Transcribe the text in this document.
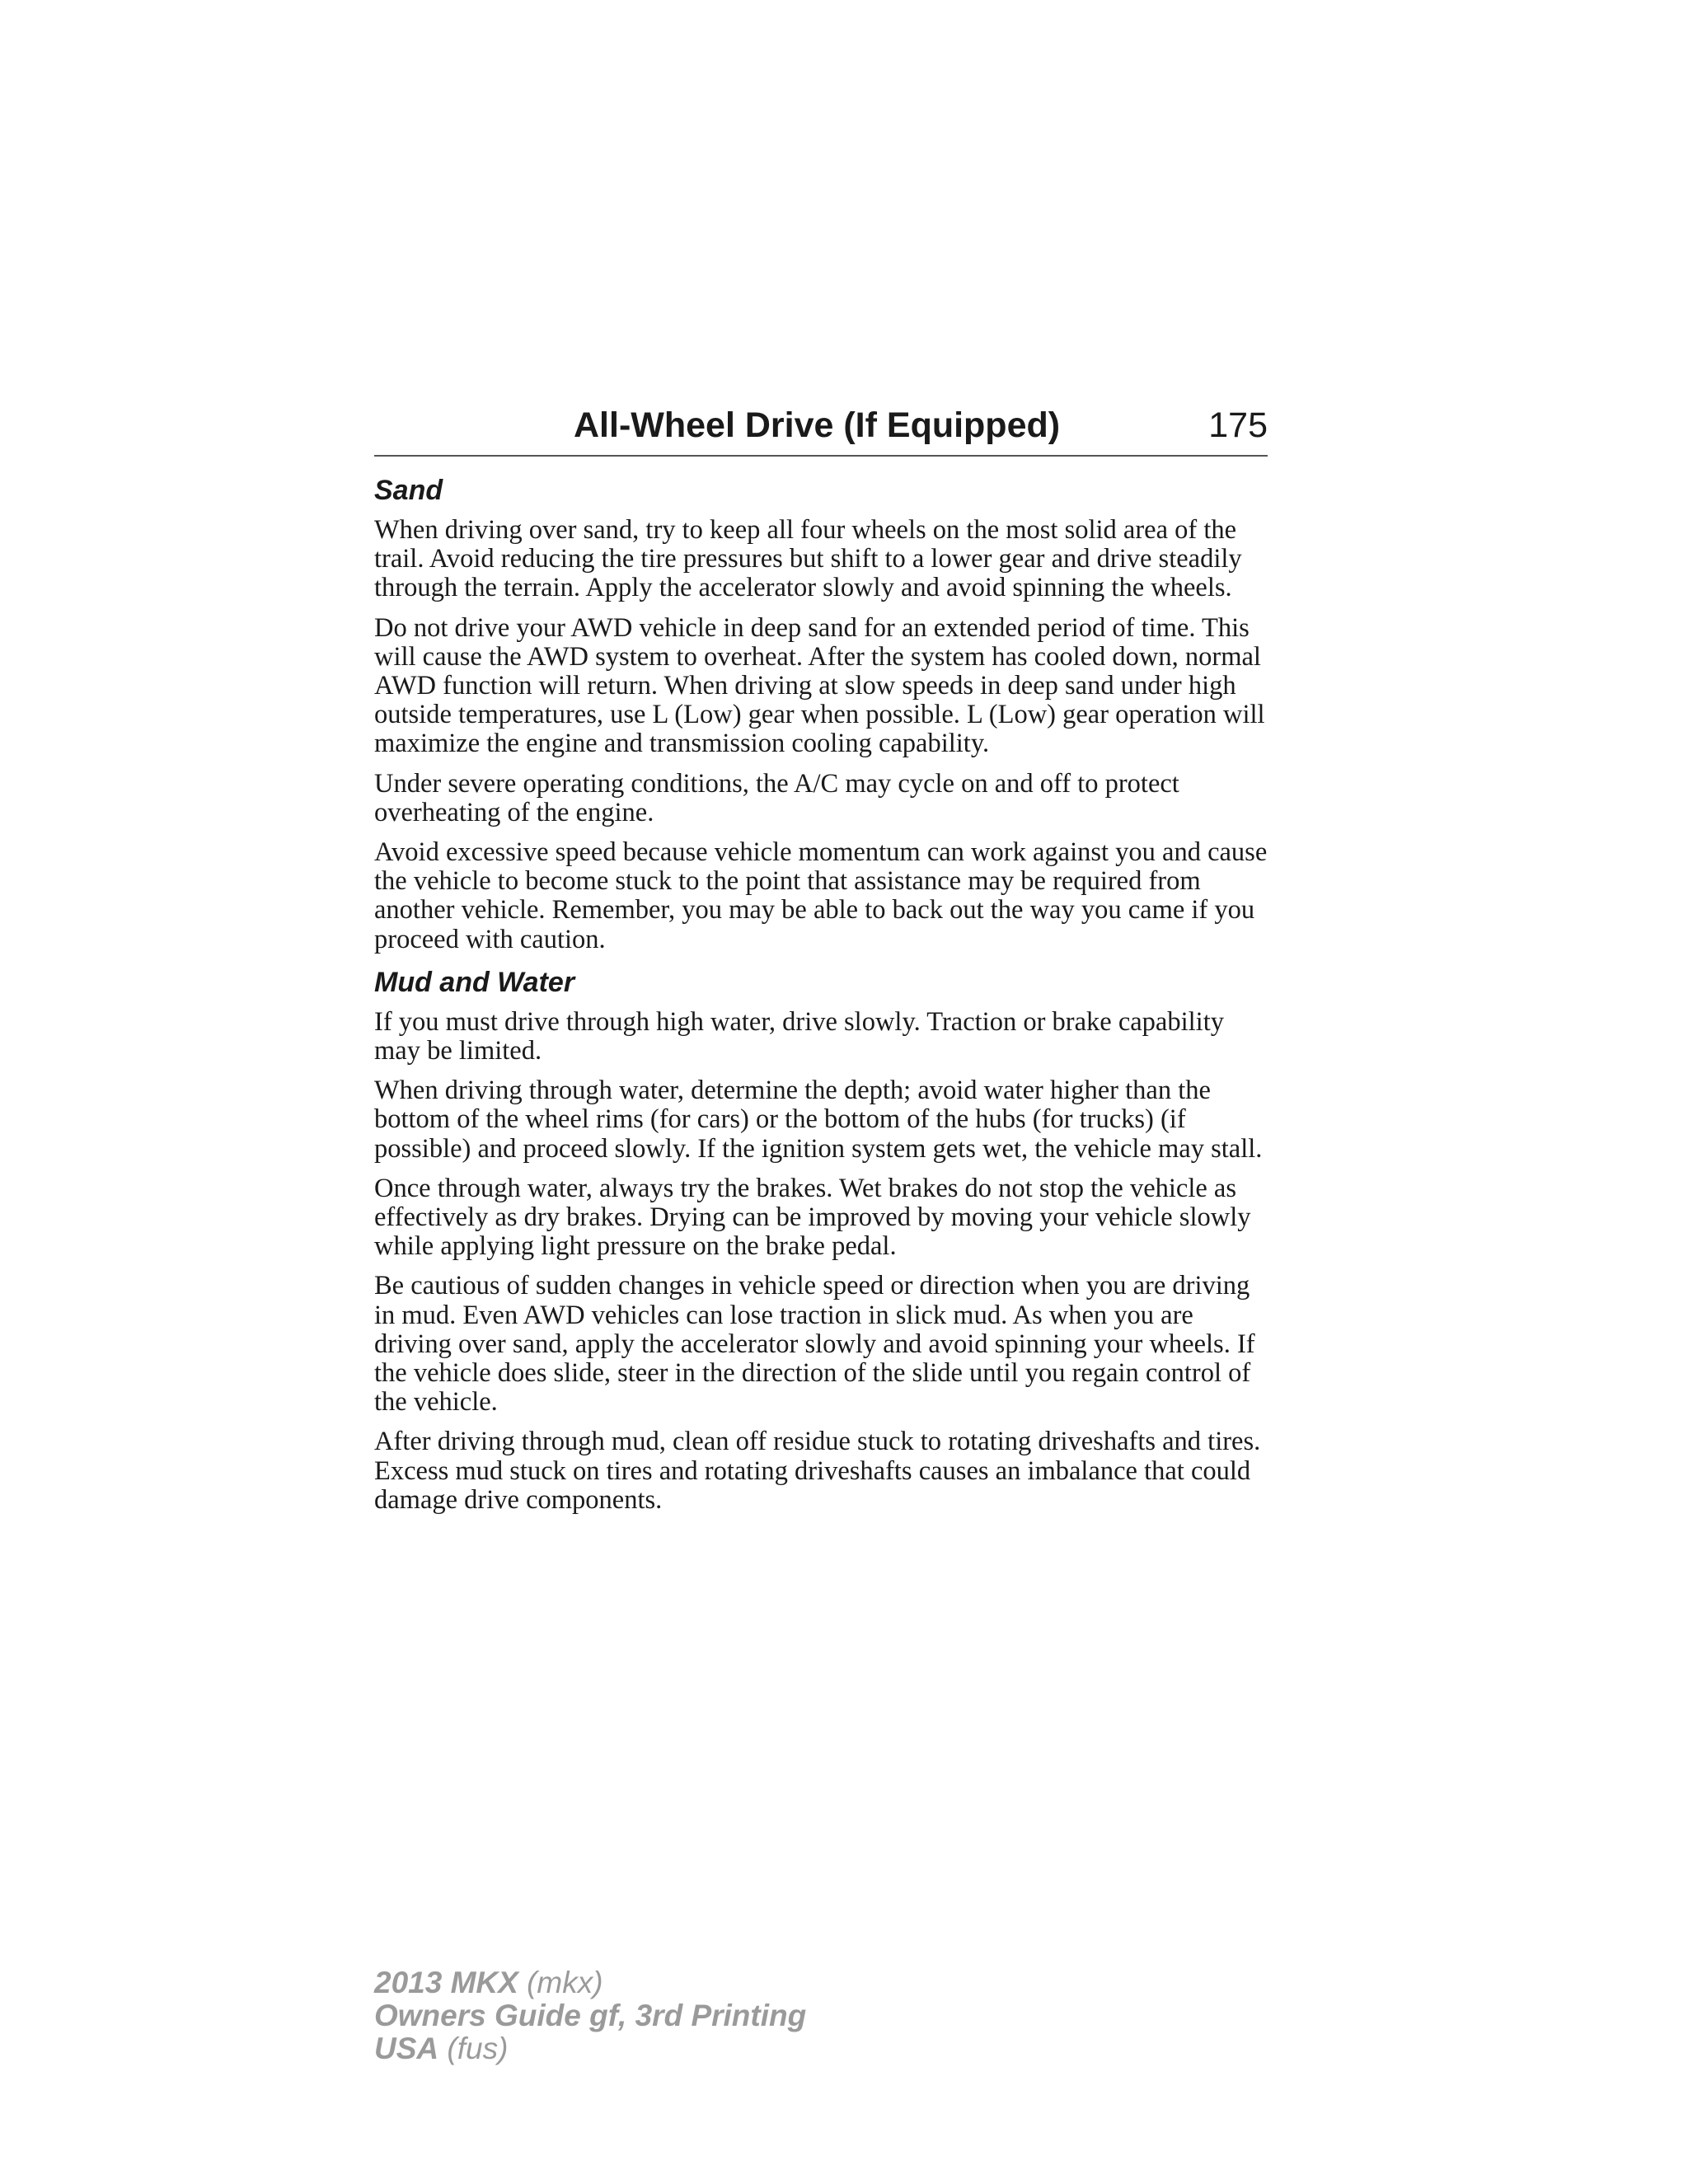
All-Wheel Drive (If Equipped)	175
Sand

When driving over sand, try to keep all four wheels on the most solid area of the trail. Avoid reducing the tire pressures but shift to a lower gear and drive steadily through the terrain. Apply the accelerator slowly and avoid spinning the wheels.

Do not drive your AWD vehicle in deep sand for an extended period of time. This will cause the AWD system to overheat. After the system has cooled down, normal AWD function will return. When driving at slow speeds in deep sand under high outside temperatures, use L (Low) gear when possible. L (Low) gear operation will maximize the engine and transmission cooling capability.

Under severe operating conditions, the A/C may cycle on and off to protect overheating of the engine.

Avoid excessive speed because vehicle momentum can work against you and cause the vehicle to become stuck to the point that assistance may be required from another vehicle. Remember, you may be able to back out the way you came if you proceed with caution.

Mud and Water

If you must drive through high water, drive slowly. Traction or brake capability may be limited.

When driving through water, determine the depth; avoid water higher than the bottom of the wheel rims (for cars) or the bottom of the hubs (for trucks) (if possible) and proceed slowly. If the ignition system gets wet, the vehicle may stall.

Once through water, always try the brakes. Wet brakes do not stop the vehicle as effectively as dry brakes. Drying can be improved by moving your vehicle slowly while applying light pressure on the brake pedal.

Be cautious of sudden changes in vehicle speed or direction when you are driving in mud. Even AWD vehicles can lose traction in slick mud. As when you are driving over sand, apply the accelerator slowly and avoid spinning your wheels. If the vehicle does slide, steer in the direction of the slide until you regain control of the vehicle.

After driving through mud, clean off residue stuck to rotating driveshafts and tires. Excess mud stuck on tires and rotating driveshafts causes an imbalance that could damage drive components.

2013 MKX (mkx)
Owners Guide gf, 3rd Printing
USA (fus)
